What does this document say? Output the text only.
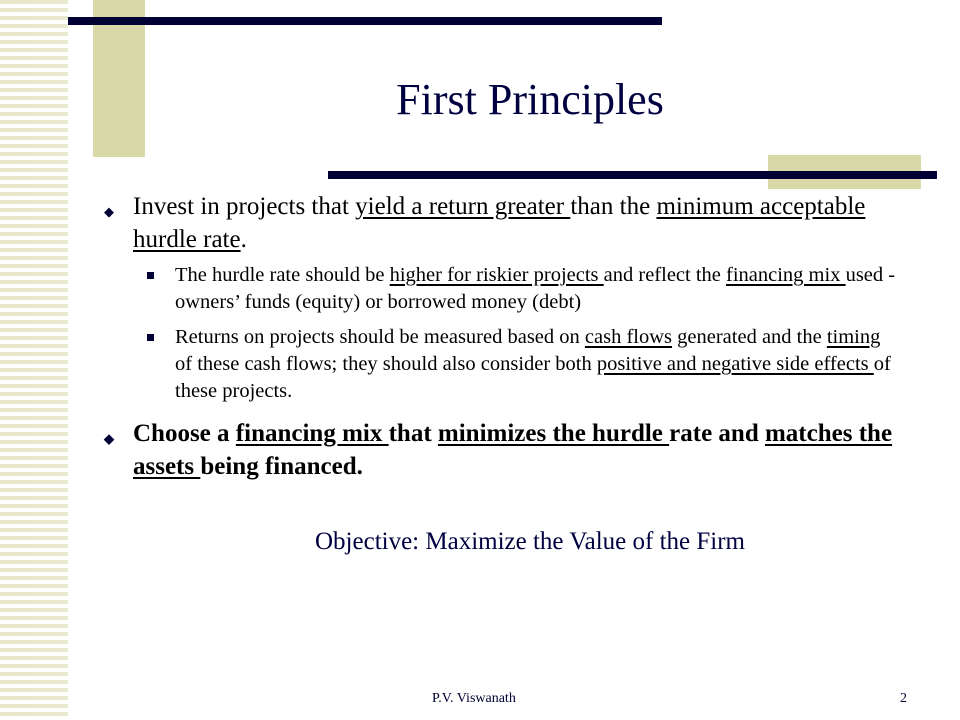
First Principles
◆ Invest in projects that yield a return greater than the minimum acceptable hurdle rate.
The hurdle rate should be higher for riskier projects and reflect the financing mix used - owners’ funds (equity) or borrowed money (debt)
Returns on projects should be measured based on cash flows generated and the timing of these cash flows; they should also consider both positive and negative side effects of these projects.
◆ Choose a financing mix that minimizes the hurdle rate and matches the assets being financed.
Objective: Maximize the Value of the Firm
P.V. Viswanath	2
